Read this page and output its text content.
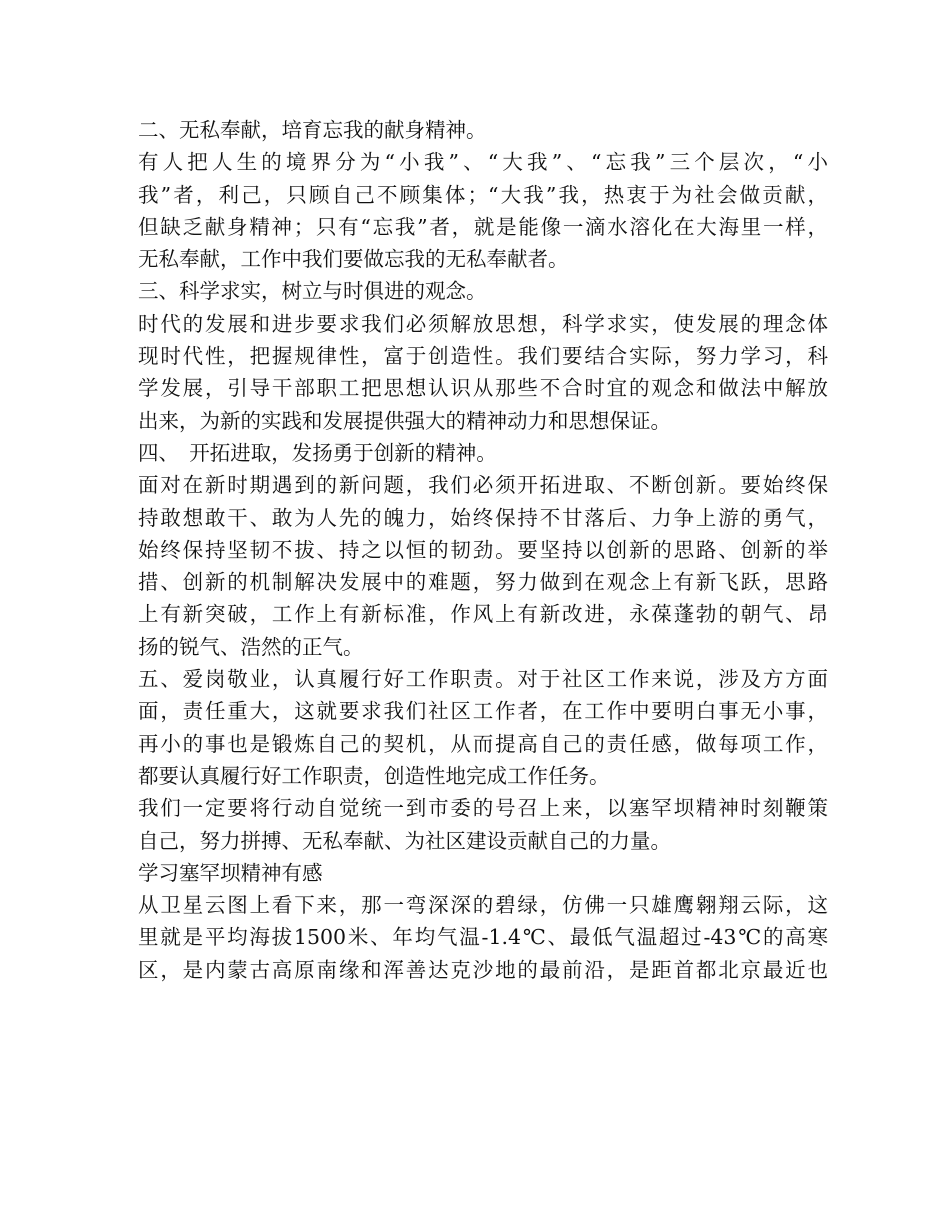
二、无私奉献，培育忘我的献身精神。
有人把人生的境界分为“小我”、“大我”、“忘我”三个层次，“小
我”者，利己，只顾自己不顾集体；“大我”我，热衷于为社会做贡献，
但缺乏献身精神；只有“忘我”者，就是能像一滴水溶化在大海里一样，
无私奉献，工作中我们要做忘我的无私奉献者。
三、科学求实，树立与时俱进的观念。
时代的发展和进步要求我们必须解放思想，科学求实，使发展的理念体
现时代性，把握规律性，富于创造性。我们要结合实际，努力学习，科
学发展，引导干部职工把思想认识从那些不合时宜的观念和做法中解放
出来，为新的实践和发展提供强大的精神动力和思想保证。
四、　开拓进取，发扬勇于创新的精神。
面对在新时期遇到的新问题，我们必须开拓进取、不断创新。要始终保
持敢想敢干、敢为人先的魄力，始终保持不甘落后、力争上游的勇气，
始终保持坚韧不拔、持之以恒的韧劲。要坚持以创新的思路、创新的举
措、创新的机制解决发展中的难题，努力做到在观念上有新飞跃，思路
上有新突破，工作上有新标准，作风上有新改进，永葆蓬勃的朝气、昂
扬的锐气、浩然的正气。
五、爱岗敬业，认真履行好工作职责。对于社区工作来说，涉及方方面
面，责任重大，这就要求我们社区工作者，在工作中要明白事无小事，
再小的事也是锻炼自己的契机，从而提高自己的责任感，做每项工作，
都要认真履行好工作职责，创造性地完成工作任务。
我们一定要将行动自觉统一到市委的号召上来，以塞罕坝精神时刻鞭策
自己，努力拼搏、无私奉献、为社区建设贡献自己的力量。
学习塞罕坝精神有感
从卫星云图上看下来，那一弯深深的碧绿，仿佛一只雄鹰翱翔云际，这
里就是平均海拔1500米、年均气温-1.4℃、最低气温超过-43℃的高寒
区，是内蒙古高原南缘和浑善达克沙地的最前沿，是距首都北京最近也
